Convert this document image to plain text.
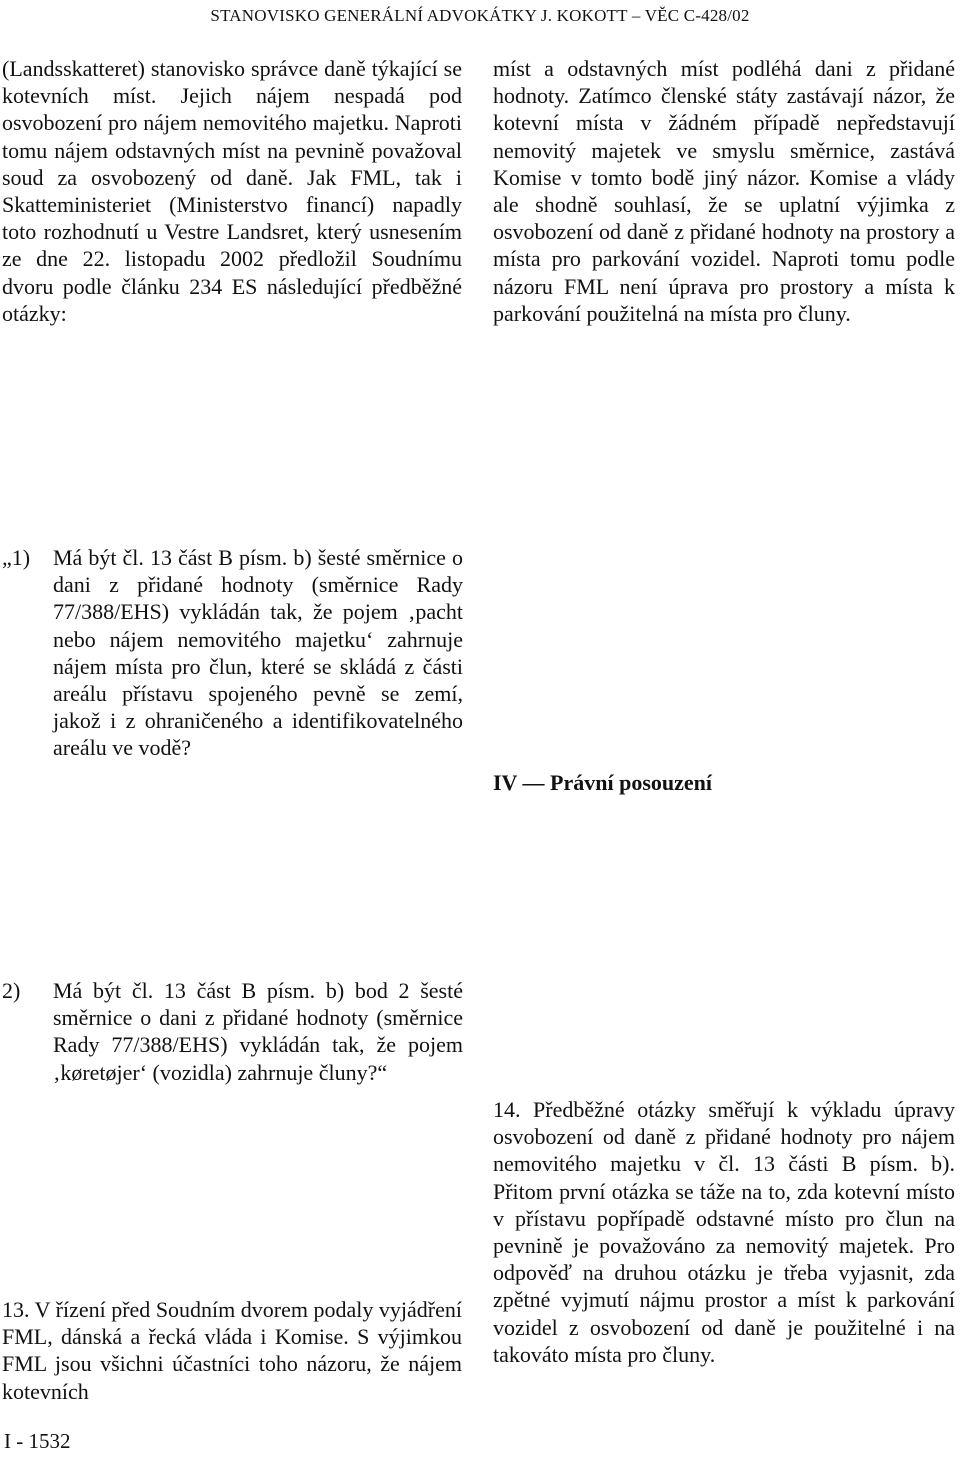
STANOVISKO GENERÁLNÍ ADVOKÁTKY J. KOKOTT – VĚC C-428/02
(Landsskatteret) stanovisko správce daně týkající se kotevních míst. Jejich nájem nespadá pod osvobození pro nájem nemovitého majetku. Naproti tomu nájem odstavných míst na pevnině považoval soud za osvobozený od daně. Jak FML, tak i Skatteministeriet (Ministerstvo financí) napadly toto rozhodnutí u Vestre Landsret, který usnesením ze dne 22. listopadu 2002 předložil Soudnímu dvoru podle článku 234 ES následující předběžné otázky:
„1) Má být čl. 13 část B písm. b) šesté směrnice o dani z přidané hodnoty (směrnice Rady 77/388/EHS) vykládán tak, že pojem ‚pacht nebo nájem nemovitého majetku‘ zahrnuje nájem místa pro člun, které se skládá z části areálu přístavu spojeného pevně se zemí, jakož i z ohraničeného a identifikovatelného areálu ve vodě?
2) Má být čl. 13 část B písm. b) bod 2 šesté směrnice o dani z přidané hodnoty (směrnice Rady 77/388/EHS) vykládán tak, že pojem ‚køretøjer‘ (vozidla) zahrnuje čluny?“
13. V řízení před Soudním dvorem podaly vyjádření FML, dánská a řecká vláda i Komise. S výjimkou FML jsou všichni účastníci toho názoru, že nájem kotevních
míst a odstavných míst podléhá dani z přidané hodnoty. Zatímco členské státy zastávají názor, že kotevní místa v žádném případě nepředstavují nemovitý majetek ve smyslu směrnice, zastává Komise v tomto bodě jiný názor. Komise a vlády ale shodně souhlasí, že se uplatní výjimka z osvobození od daně z přidané hodnoty na prostory a místa pro parkování vozidel. Naproti tomu podle názoru FML není úprava pro prostory a místa k parkování použitelná na místa pro čluny.
IV — Právní posouzení
14. Předběžné otázky směřují k výkladu úpravy osvobození od daně z přidané hodnoty pro nájem nemovitého majetku v čl. 13 části B písm. b). Přitom první otázka se táže na to, zda kotevní místo v přístavu popřípadě odstavné místo pro člun na pevnině je považováno za nemovitý majetek. Pro odpověď na druhou otázku je třeba vyjasnit, zda zpětné vyjmutí nájmu prostor a míst k parkování vozidel z osvobození od daně je použitelné i na takováto místa pro čluny.
I - 1532
